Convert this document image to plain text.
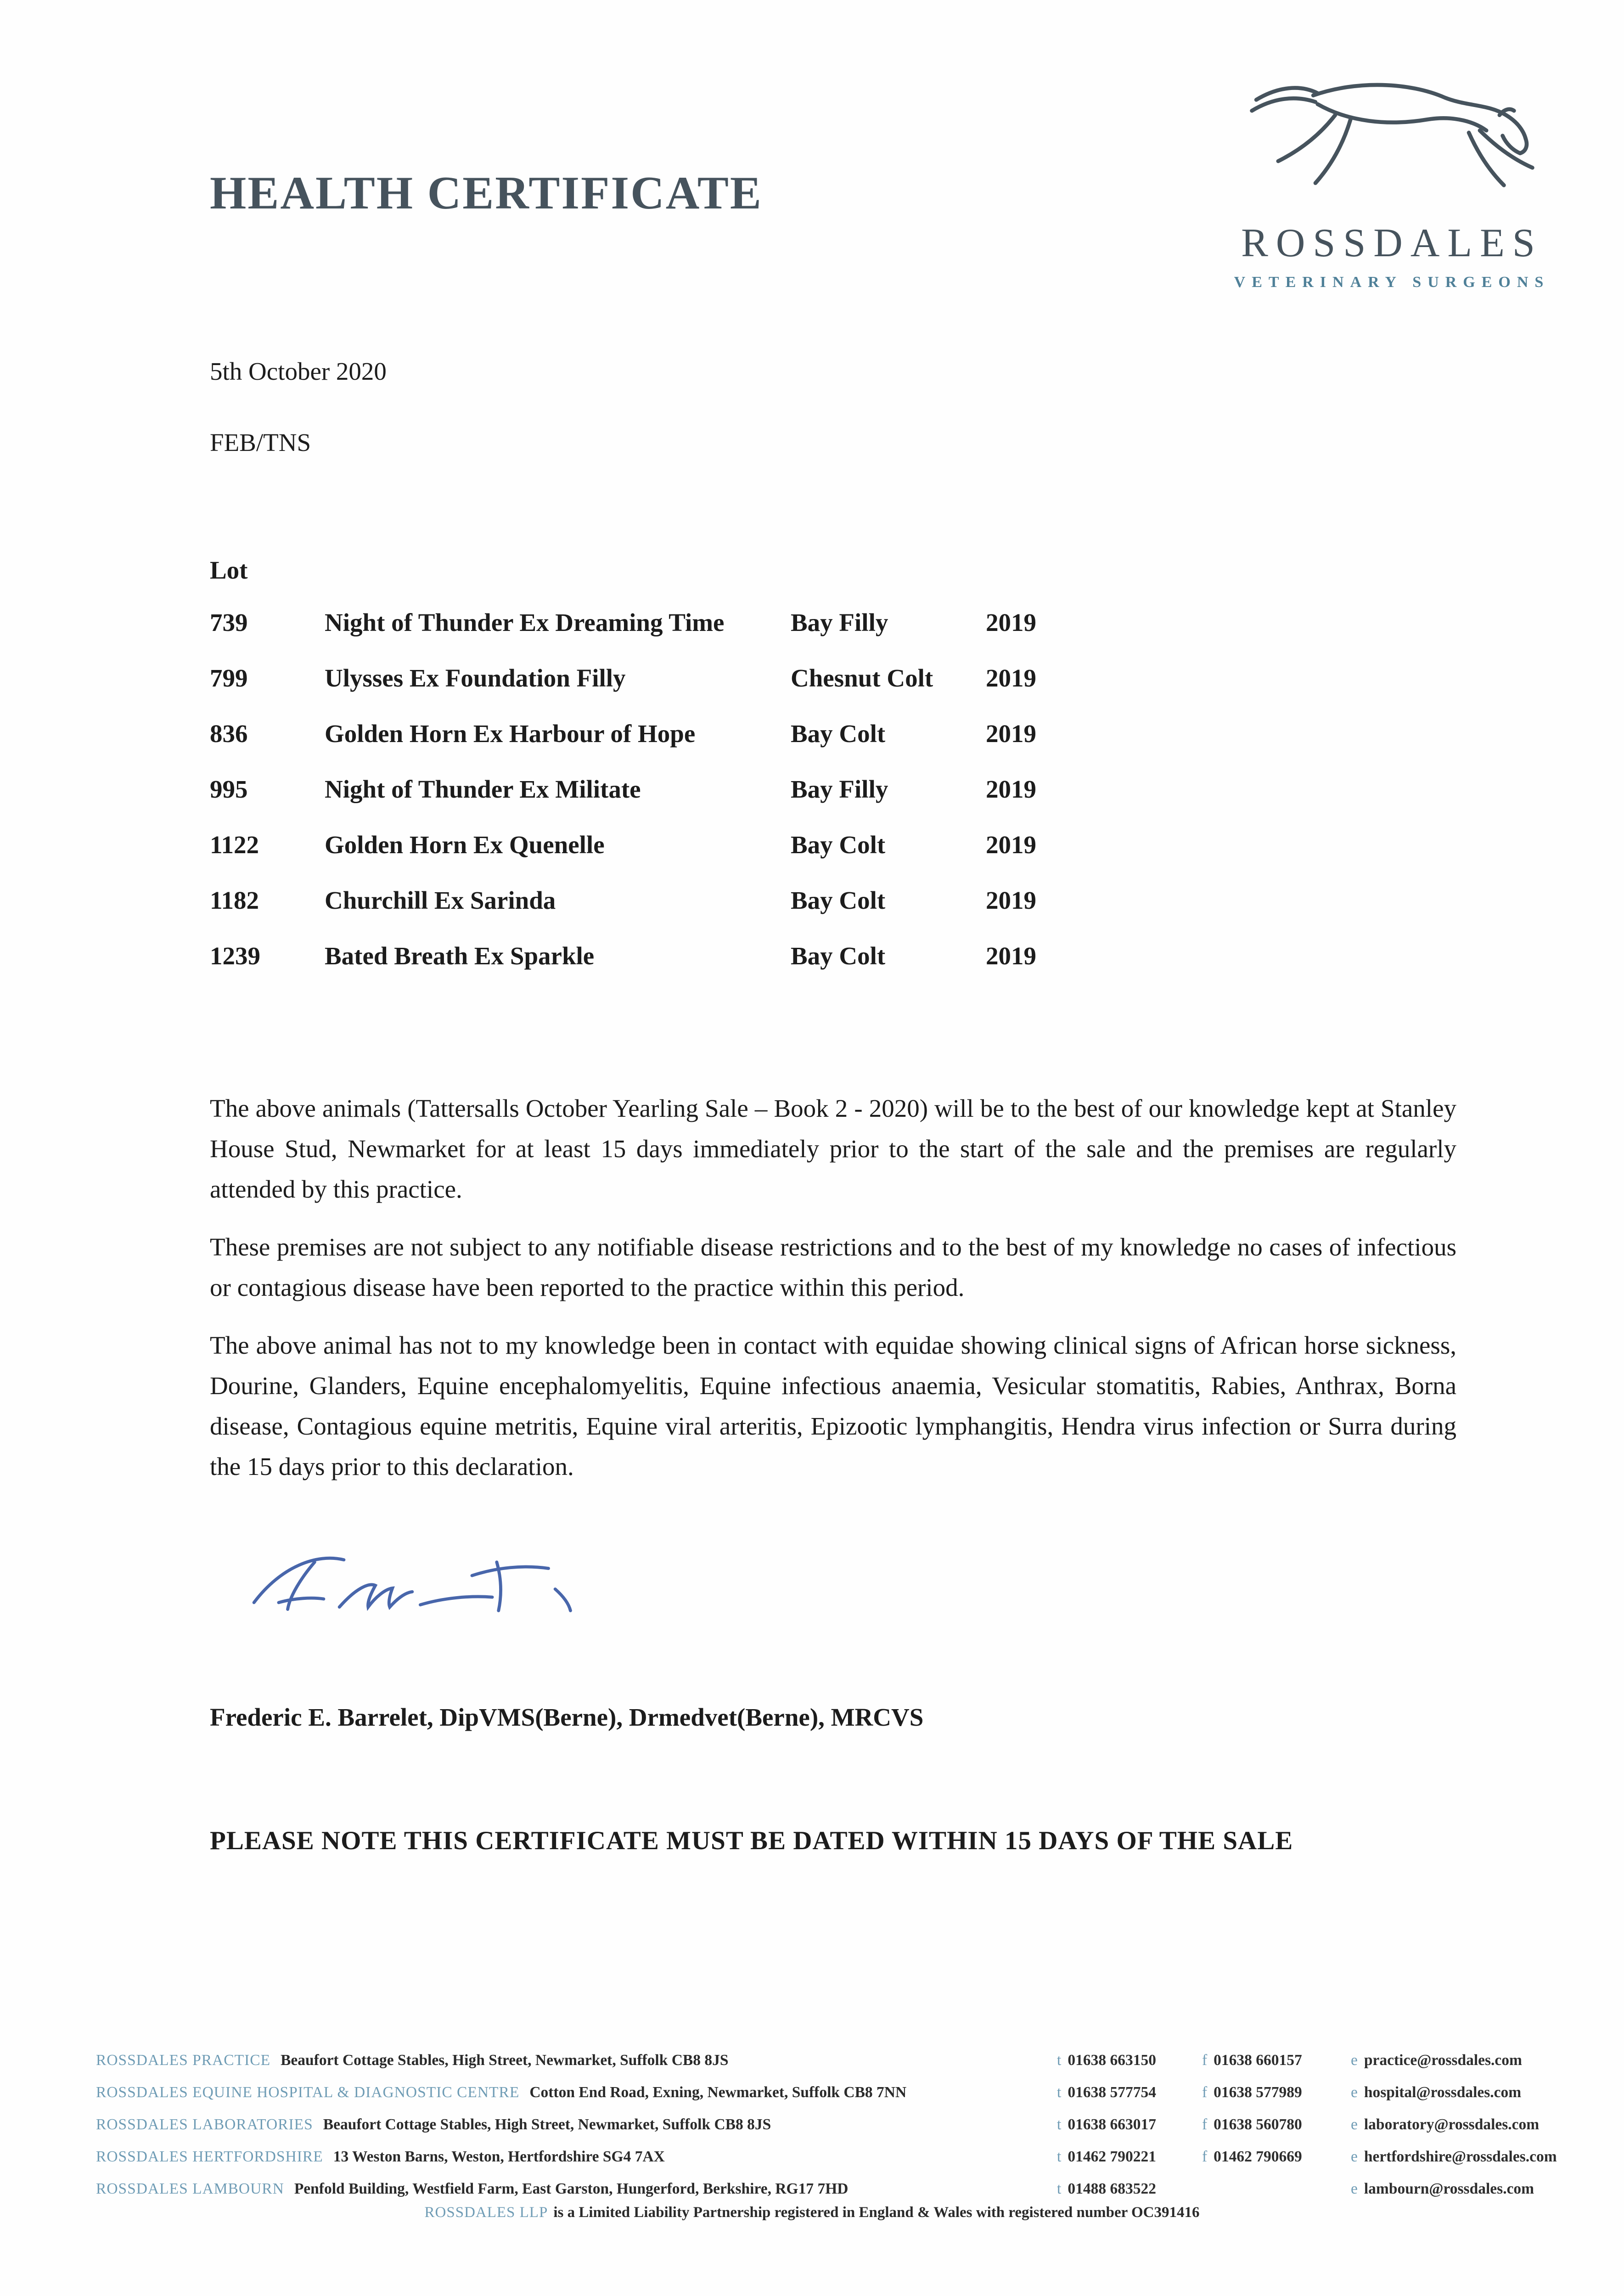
ROSSDALES
VETERINARY SURGEONS
HEALTH CERTIFICATE
5th October 2020
FEB/TNS
Lot
739	Night of Thunder Ex Dreaming Time	Bay Filly	2019
799	Ulysses Ex Foundation Filly	Chesnut Colt	2019
836	Golden Horn Ex Harbour of Hope	Bay Colt	2019
995	Night of Thunder Ex Militate	Bay Filly	2019
1122	Golden Horn Ex Quenelle	Bay Colt	2019
1182	Churchill Ex Sarinda	Bay Colt	2019
1239	Bated Breath Ex Sparkle	Bay Colt	2019

The above animals (Tattersalls October Yearling Sale – Book 2 - 2020) will be to the best of our knowledge kept at Stanley House Stud, Newmarket for at least 15 days immediately prior to the start of the sale and the premises are regularly attended by this practice.

These premises are not subject to any notifiable disease restrictions and to the best of my knowledge no cases of infectious or contagious disease have been reported to the practice within this period.

The above animal has not to my knowledge been in contact with equidae showing clinical signs of African horse sickness, Dourine, Glanders, Equine encephalomyelitis, Equine infectious anaemia, Vesicular stomatitis, Rabies, Anthrax, Borna disease, Contagious equine metritis, Equine viral arteritis, Epizootic lymphangitis, Hendra virus infection or Surra during the 15 days prior to this declaration.

Frederic E. Barrelet, DipVMS(Berne), Drmedvet(Berne), MRCVS
PLEASE NOTE THIS CERTIFICATE MUST BE DATED WITHIN 15 DAYS OF THE SALE
ROSSDALES PRACTICE Beaufort Cottage Stables, High Street, Newmarket, Suffolk CB8 8JS	t 01638 663150	f 01638 660157	e practice@rossdales.com
ROSSDALES EQUINE HOSPITAL & DIAGNOSTIC CENTRE Cotton End Road, Exning, Newmarket, Suffolk CB8 7NN	t 01638 577754	f 01638 577989	e hospital@rossdales.com
ROSSDALES LABORATORIES Beaufort Cottage Stables, High Street, Newmarket, Suffolk CB8 8JS	t 01638 663017	f 01638 560780	e laboratory@rossdales.com
ROSSDALES HERTFORDSHIRE 13 Weston Barns, Weston, Hertfordshire SG4 7AX	t 01462 790221	f 01462 790669	e hertfordshire@rossdales.com
ROSSDALES LAMBOURN Penfold Building, Westfield Farm, East Garston, Hungerford, Berkshire, RG17 7HD	t 01488 683522	e lambourn@rossdales.com
ROSSDALES LLP is a Limited Liability Partnership registered in England & Wales with registered number OC391416
